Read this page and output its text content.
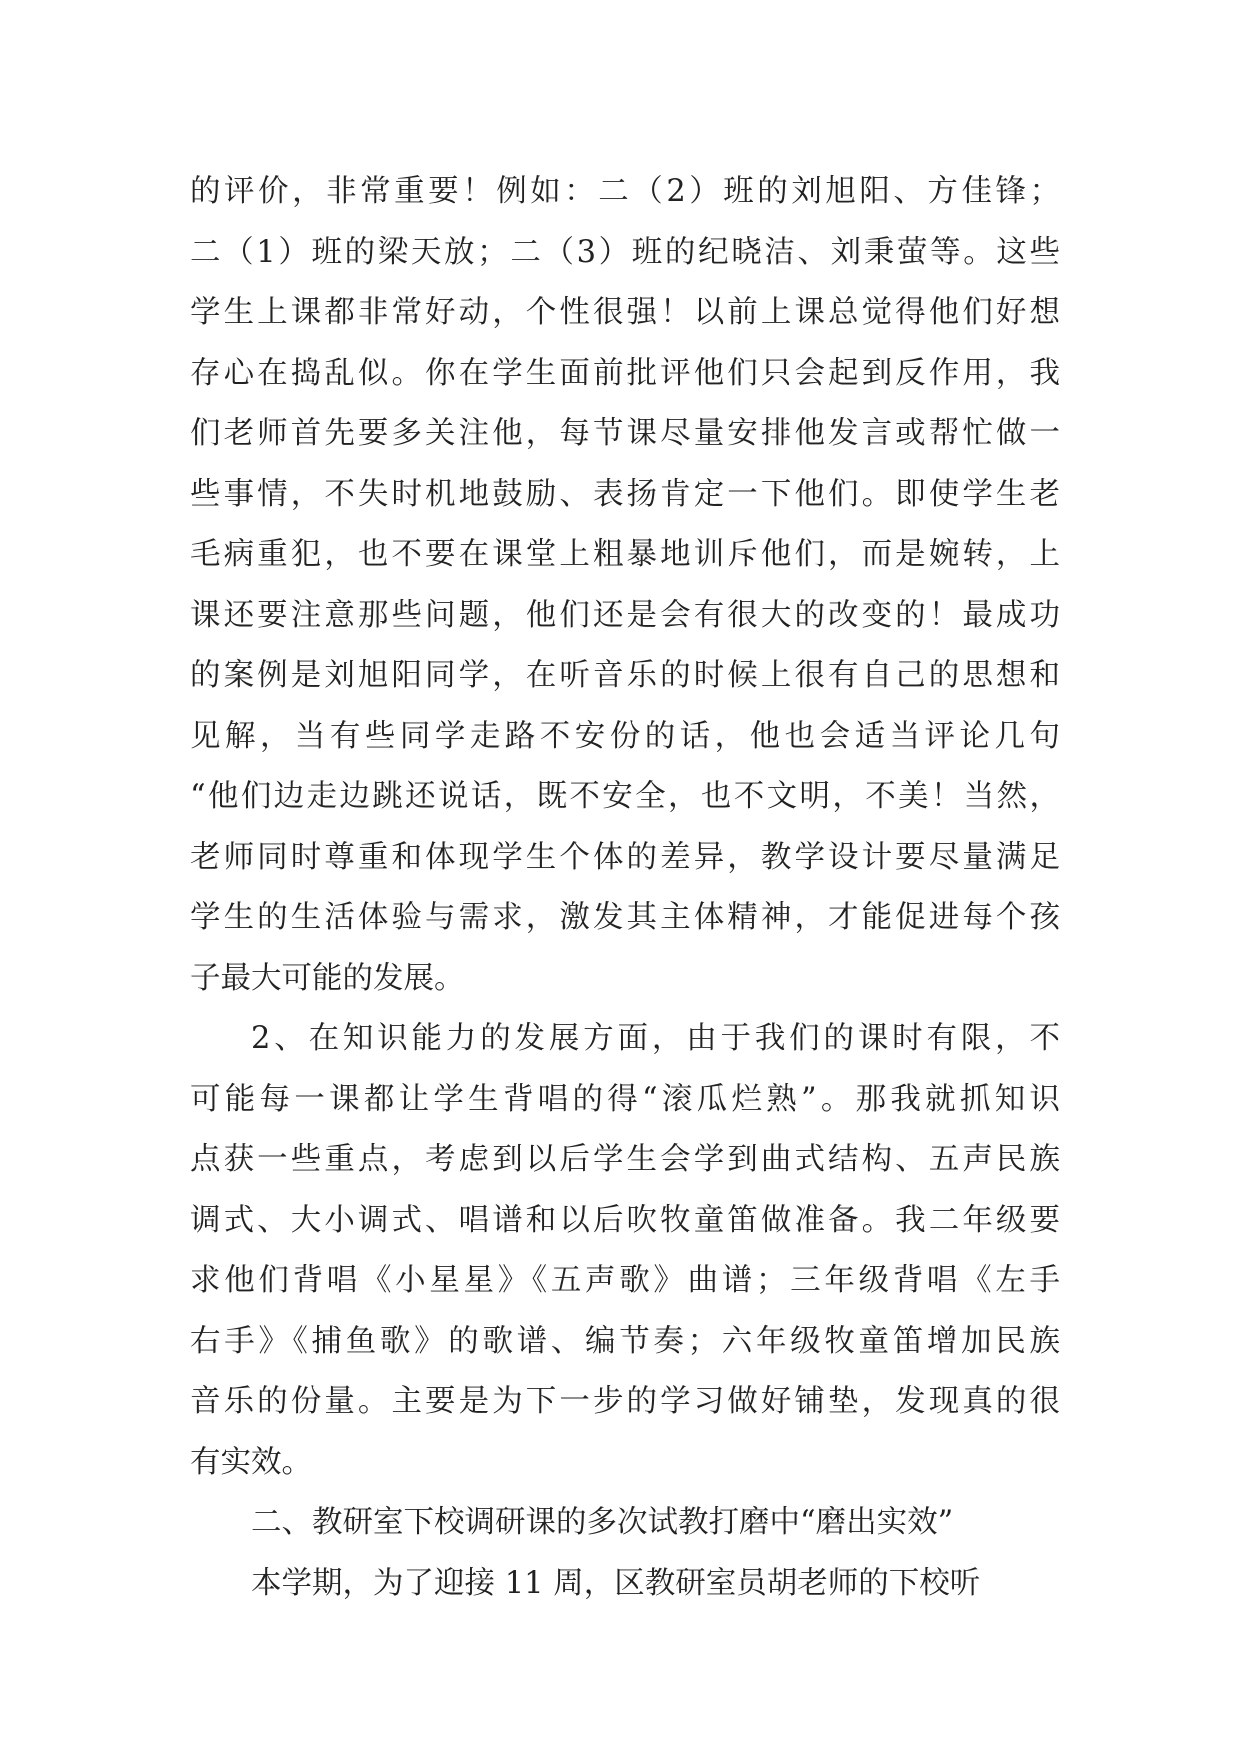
的评价，非常重要！例如：二（2）班的刘旭阳、方佳锋；
二（1）班的梁天放；二（3）班的纪晓洁、刘秉萤等。这些
学生上课都非常好动，个性很强！以前上课总觉得他们好想
存心在捣乱似。你在学生面前批评他们只会起到反作用，我
们老师首先要多关注他，每节课尽量安排他发言或帮忙做一
些事情，不失时机地鼓励、表扬肯定一下他们。即使学生老
毛病重犯，也不要在课堂上粗暴地训斥他们，而是婉转，上
课还要注意那些问题，他们还是会有很大的改变的！最成功
的案例是刘旭阳同学，在听音乐的时候上很有自己的思想和
见解，当有些同学走路不安份的话，他也会适当评论几句
“他们边走边跳还说话，既不安全，也不文明，不美！当然，
老师同时尊重和体现学生个体的差异，教学设计要尽量满足
学生的生活体验与需求，激发其主体精神，才能促进每个孩
子最大可能的发展。
2、在知识能力的发展方面，由于我们的课时有限，不
可能每一课都让学生背唱的得“滚瓜烂熟”。那我就抓知识
点获一些重点，考虑到以后学生会学到曲式结构、五声民族
调式、大小调式、唱谱和以后吹牧童笛做准备。我二年级要
求他们背唱《小星星》《五声歌》曲谱；三年级背唱《左手
右手》《捕鱼歌》的歌谱、编节奏；六年级牧童笛增加民族
音乐的份量。主要是为下一步的学习做好铺垫，发现真的很
有实效。
二、教研室下校调研课的多次试教打磨中“磨出实效”
本学期，为了迎接 11 周，区教研室员胡老师的下校听
